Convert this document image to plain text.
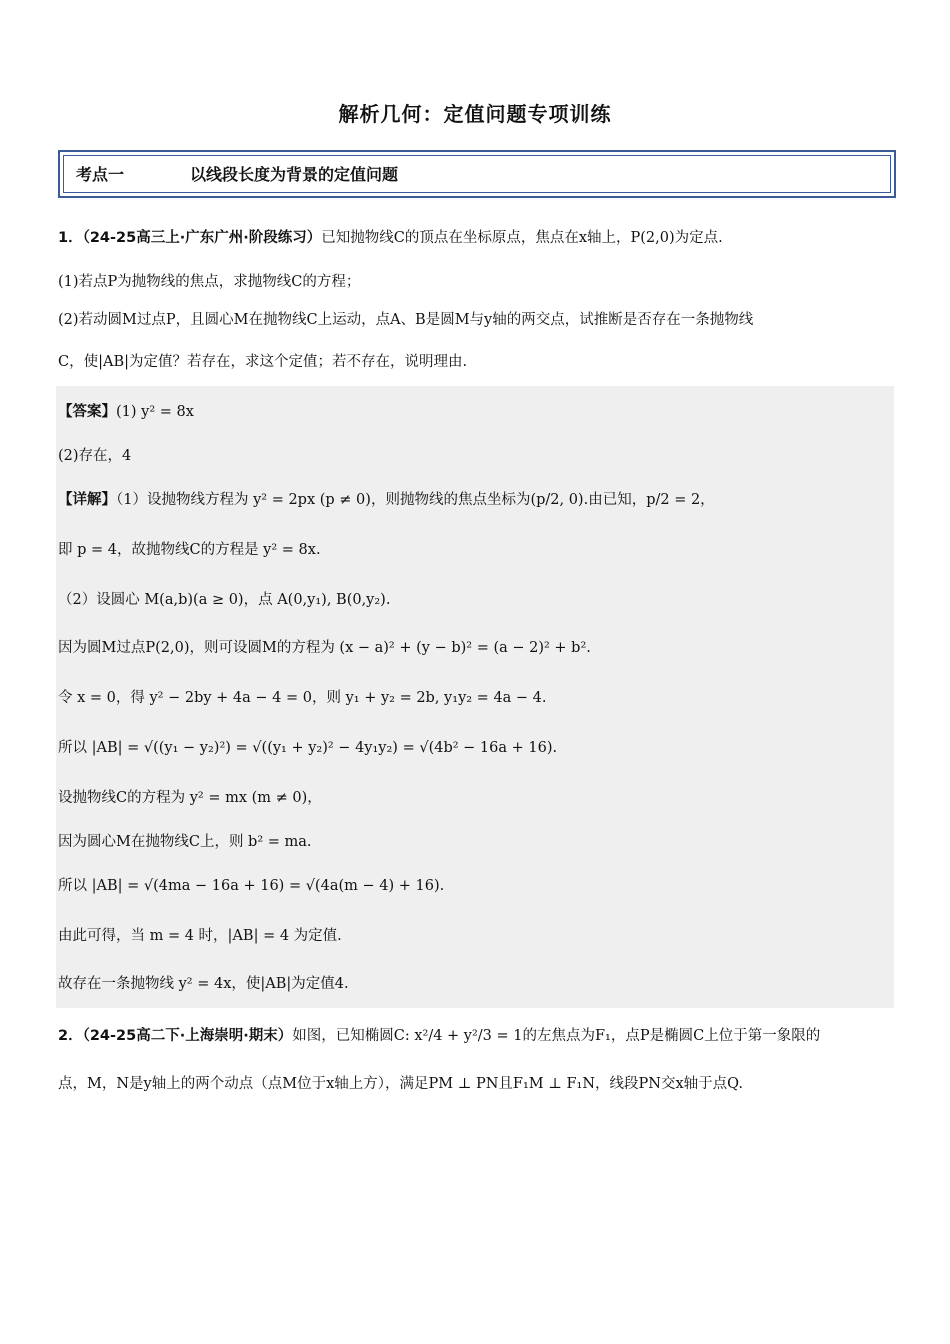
解析几何：定值问题专项训练
考点一	以线段长度为背景的定值问题
1．（24-25高三上·广东广州·阶段练习）已知抛物线C的顶点在坐标原点，焦点在x轴上，P(2,0)为定点.
(1)若点P为抛物线的焦点，求抛物线C的方程；
(2)若动圆M过点P，且圆心M在抛物线C上运动，点A、B是圆M与y轴的两交点，试推断是否存在一条抛物线
C，使|AB|为定值？若存在，求这个定值；若不存在，说明理由.
【答案】(1) y² = 8x
(2)存在，4
【详解】（1）设抛物线方程为 y² = 2px (p ≠ 0)，则抛物线的焦点坐标为(p/2, 0).由已知，p/2 = 2，
即 p = 4，故抛物线C的方程是 y² = 8x.
（2）设圆心 M(a,b)(a ≥ 0)，点 A(0,y₁), B(0,y₂).
因为圆M过点P(2,0)，则可设圆M的方程为 (x − a)² + (y − b)² = (a − 2)² + b².
令 x = 0，得 y² − 2by + 4a − 4 = 0，则 y₁ + y₂ = 2b, y₁y₂ = 4a − 4.
所以 |AB| = √((y₁ − y₂)²) = √((y₁ + y₂)² − 4y₁y₂) = √(4b² − 16a + 16).
设抛物线C的方程为 y² = mx (m ≠ 0)，
因为圆心M在抛物线C上，则 b² = ma.
所以 |AB| = √(4ma − 16a + 16) = √(4a(m − 4) + 16).
由此可得，当 m = 4 时，|AB| = 4 为定值.
故存在一条抛物线 y² = 4x，使|AB|为定值4.
2．（24-25高二下·上海崇明·期末）如图，已知椭圆C: x²/4 + y²/3 = 1的左焦点为F₁，点P是椭圆C上位于第一象限的
点，M，N是y轴上的两个动点（点M位于x轴上方），满足PM ⊥ PN且F₁M ⊥ F₁N，线段PN交x轴于点Q.
